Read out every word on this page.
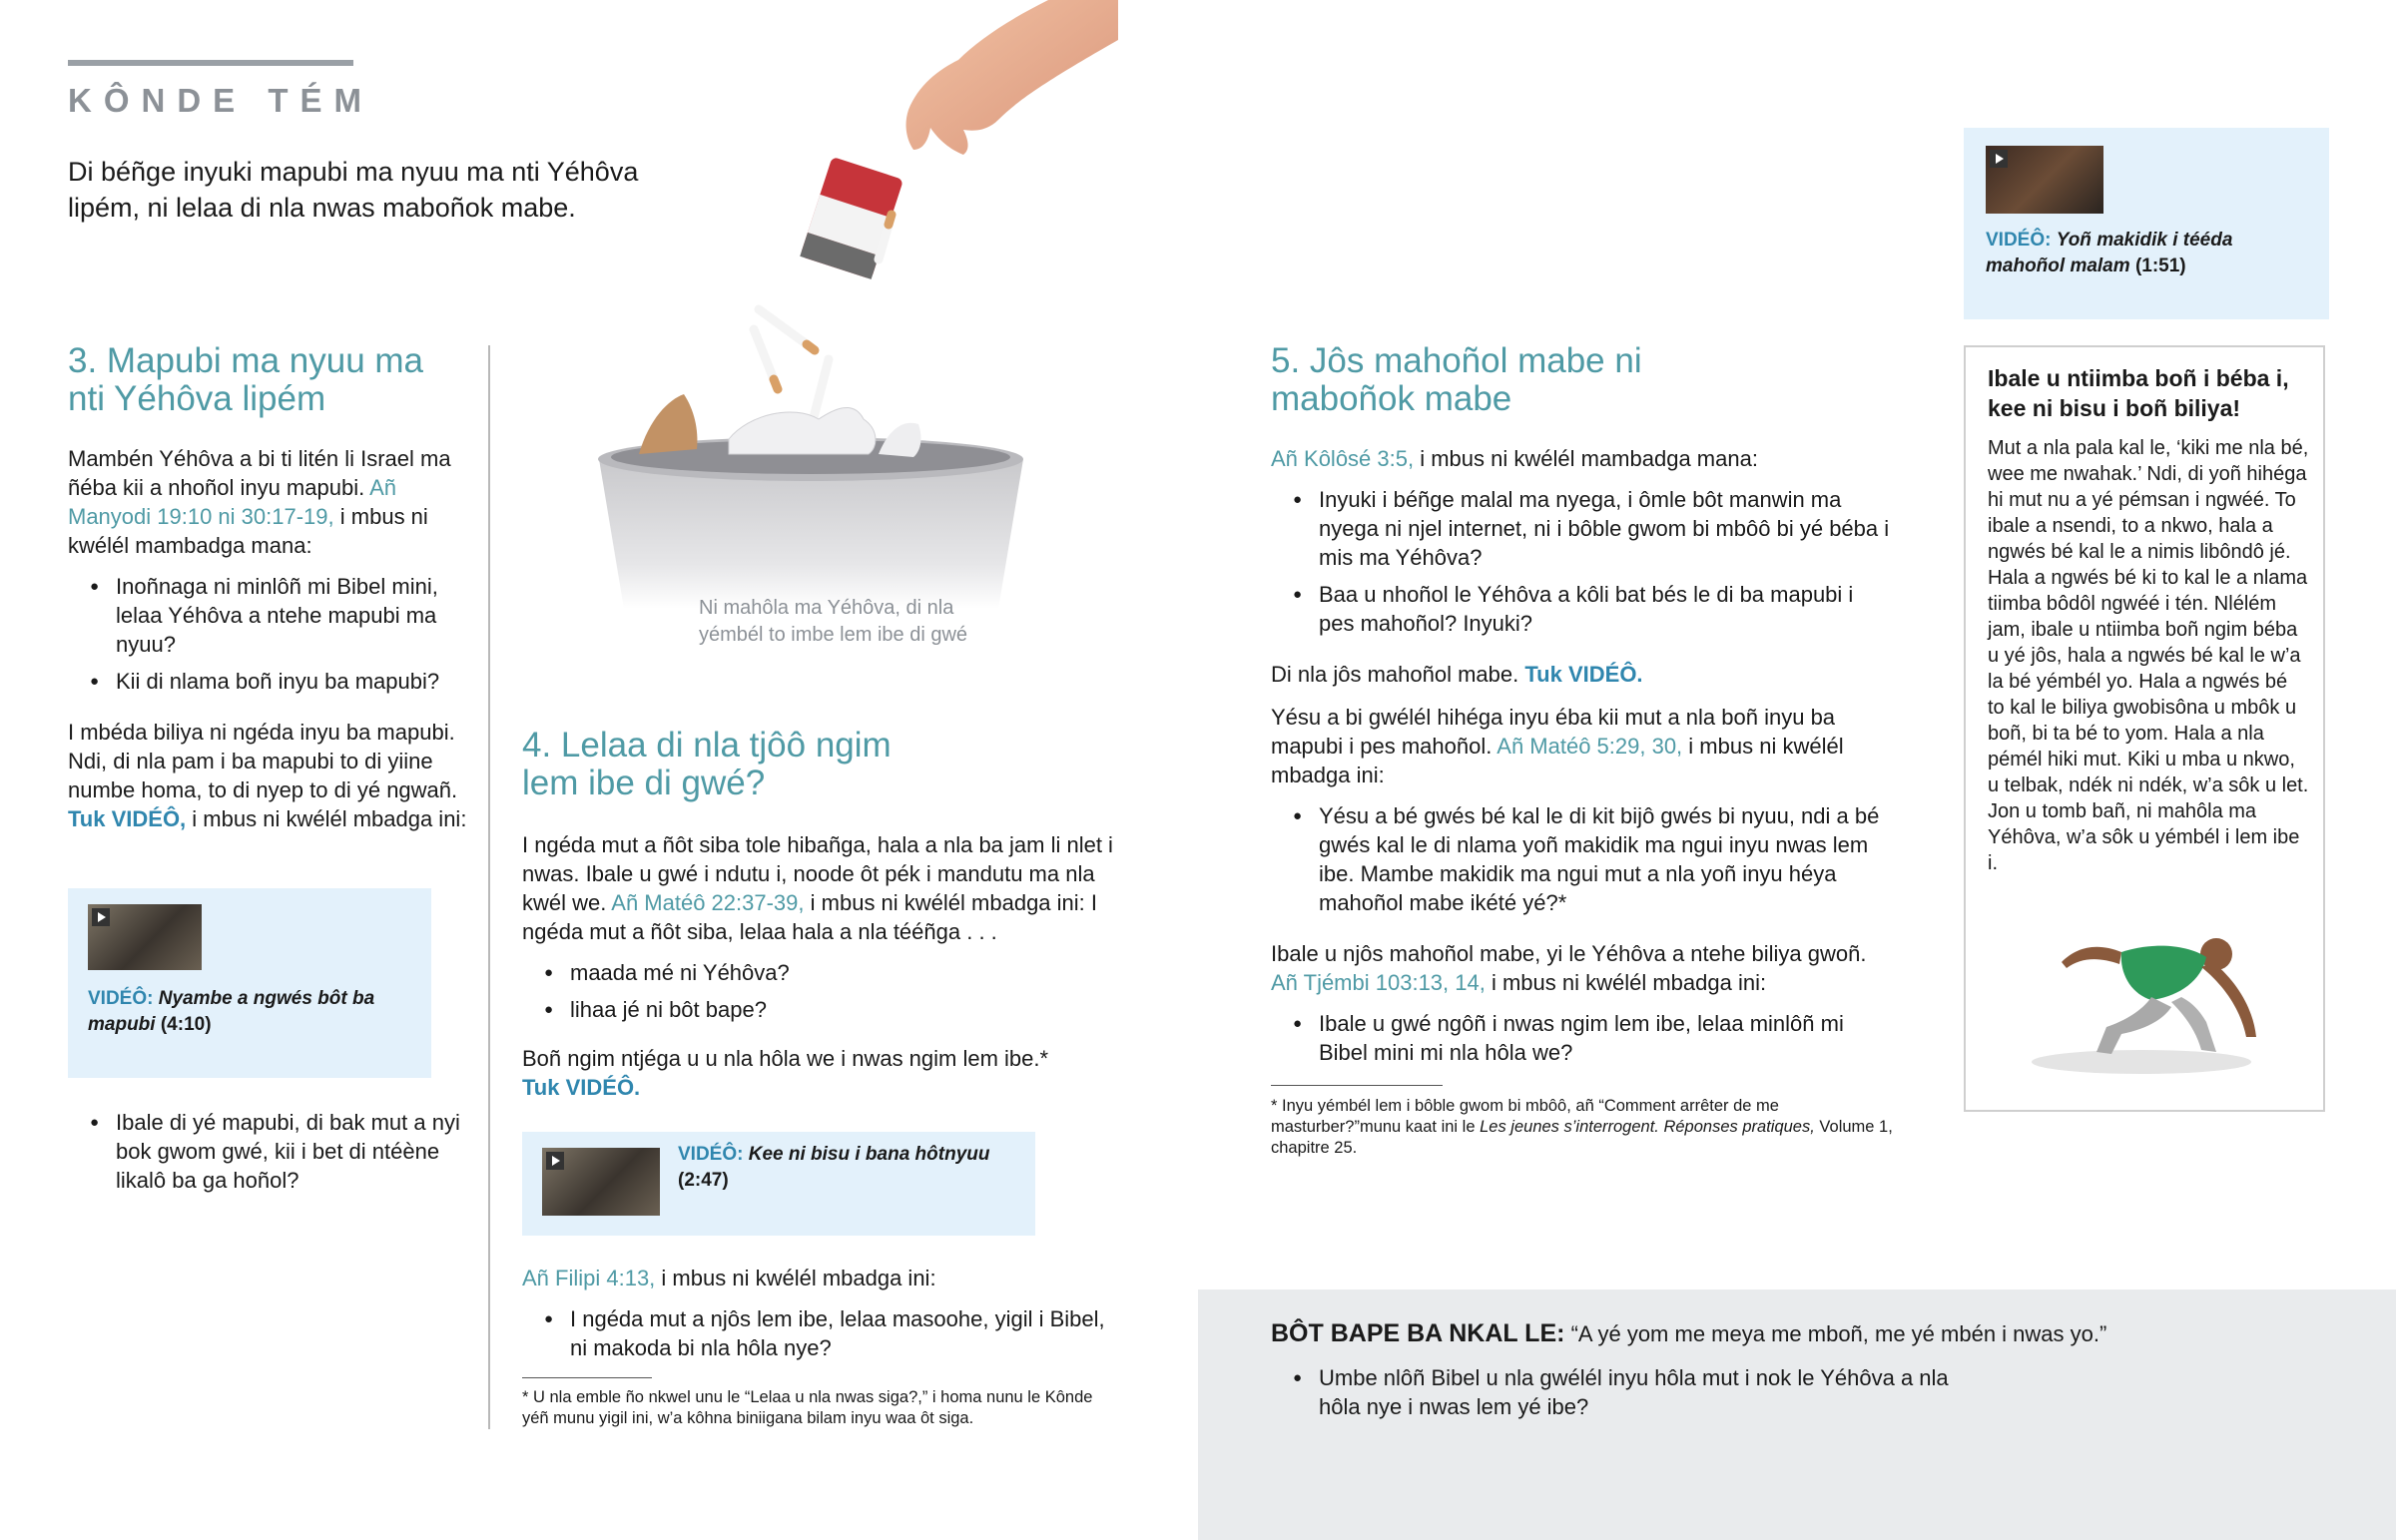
KÔNDE TÉM
Di béñge inyuki mapubi ma nyuu ma nti Yéhôva lipém, ni lelaa di nla nwas maboñok mabe.
Ni mahôla ma Yéhôva, di nla yémbél to imbe lem ibe di gwé
3. Mapubi ma nyuu ma nti Yéhôva lipém

Mambén Yéhôva a bi ti litén li Israel ma ñéba kii a nhoñol inyu mapubi. Añ Manyodi 19:10 ni 30:17-19, i mbus ni kwélél mambadga mana:

● Inoñnaga ni minlôñ mi Bibel mini, lelaa Yéhôva a ntehe mapubi ma nyuu?
● Kii di nlama boñ inyu ba mapubi?

I mbéda biliya ni ngéda inyu ba mapubi. Ndi, di nla pam i ba mapubi to di yiine numbe homa, to di nyep to di yé ngwañ. Tuk VIDÉÔ, i mbus ni kwélél mbadga ini:

VIDÉÔ: Nyambe a ngwés bôt ba mapubi (4:10)
● Ibale di yé mapubi, di bak mut a nyi bok gwom gwé, kii i bet di ntéène likalô ba ga hoñol?
4. Lelaa di nla tjôô ngim lem ibe di gwé?

I ngéda mut a ñôt siba tole hibañga, hala a nla ba jam li nlet i nwas. Ibale u gwé i ndutu i, noode ôt pék i mandutu ma nla kwél we. Añ Matéô 22:37-39, i mbus ni kwélél mbadga ini: I ngéda mut a ñôt siba, lelaa hala a nla tééñga . . .

● maada mé ni Yéhôva?
● lihaa jé ni bôt bape?

Boñ ngim ntjéga u u nla hôla we i nwas ngim lem ibe.*
Tuk VIDÉÔ.

VIDÉÔ: Kee ni bisu i bana hôtnyuu
(2:47)

Añ Filipi 4:13, i mbus ni kwélél mbadga ini:

● I ngéda mut a njôs lem ibe, lelaa masoohe, yigil i Bibel, ni makoda bi nla hôla nye?
* U nla emble ño nkwel unu le “Lelaa u nla nwas siga?,” i homa nunu le Kônde yéñ munu yigil ini, w’a kôhna biniigana bilam inyu waa ôt siga.
5. Jôs mahoñol mabe ni maboñok mabe

Añ Kôlôsé 3:5, i mbus ni kwélél mambadga mana:

● Inyuki i béñge malal ma nyega, i ômle bôt manwin ma nyega ni njel internet, ni i bôble gwom bi mbôô bi yé béba i mis ma Yéhôva?
● Baa u nhoñol le Yéhôva a kôli bat bés le di ba mapubi i pes mahoñol? Inyuki?

Di nla jôs mahoñol mabe. Tuk VIDÉÔ.

Yésu a bi gwélél hihéga inyu éba kii mut a nla boñ inyu ba mapubi i pes mahoñol. Añ Matéô 5:29, 30, i mbus ni kwélél mbadga ini:

● Yésu a bé gwés bé kal le di kit bijô gwés bi nyuu, ndi a bé gwés kal le di nlama yoñ makidik ma ngui inyu nwas lem ibe. Mambe makidik ma ngui mut a nla yoñ inyu héya mahoñol mabe ikété yé?*

Ibale u njôs mahoñol mabe, yi le Yéhôva a ntehe biliya gwoñ. Añ Tjémbi 103:13, 14, i mbus ni kwélél mbadga ini:

● Ibale u gwé ngôñ i nwas ngim lem ibe, lelaa minlôñ mi Bibel mini mi nla hôla we?
* Inyu yémbél lem i bôble gwom bi mbôô, añ “Comment arrêter de me masturber?”munu kaat ini le Les jeunes s’interrogent. Réponses pratiques, Volume 1, chapitre 25.
VIDÉÔ: Yoñ makidik i tééda mahoñol malam (1:51)
Ibale u ntiimba boñ i béba i, kee ni bisu i boñ biliya!
Mut a nla pala kal le, ‘kiki me nla bé, wee me nwahak.’ Ndi, di yoñ hihéga hi mut nu a yé pémsan i ngwéé. To ibale a nsendi, to a nkwo, hala a ngwés bé kal le a nimis libôndô jé. Hala a ngwés bé ki to kal le a nlama tiimba bôdôl ngwéé i tén. Nlélém jam, ibale u ntiimba boñ ngim béba u yé jôs, hala a ngwés bé kal le w’a la bé yémbél yo. Hala a ngwés bé to kal le biliya gwobisôna u mbôk u boñ, bi ta bé to yom. Hala a nla pémél hiki mut. Kiki u mba u nkwo, u telbak, ndék ni ndék, w’a sôk u let. Jon u tomb bañ, ni mahôla ma Yéhôva, w’a sôk u yémbél i lem ibe i.
BÔT BAPE BA NKAL LE: “A yé yom me meya me mboñ, me yé mbén i nwas yo.”
● Umbe nlôñ Bibel u nla gwélél inyu hôla mut i nok le Yéhôva a nla hôla nye i nwas lem yé ibe?
